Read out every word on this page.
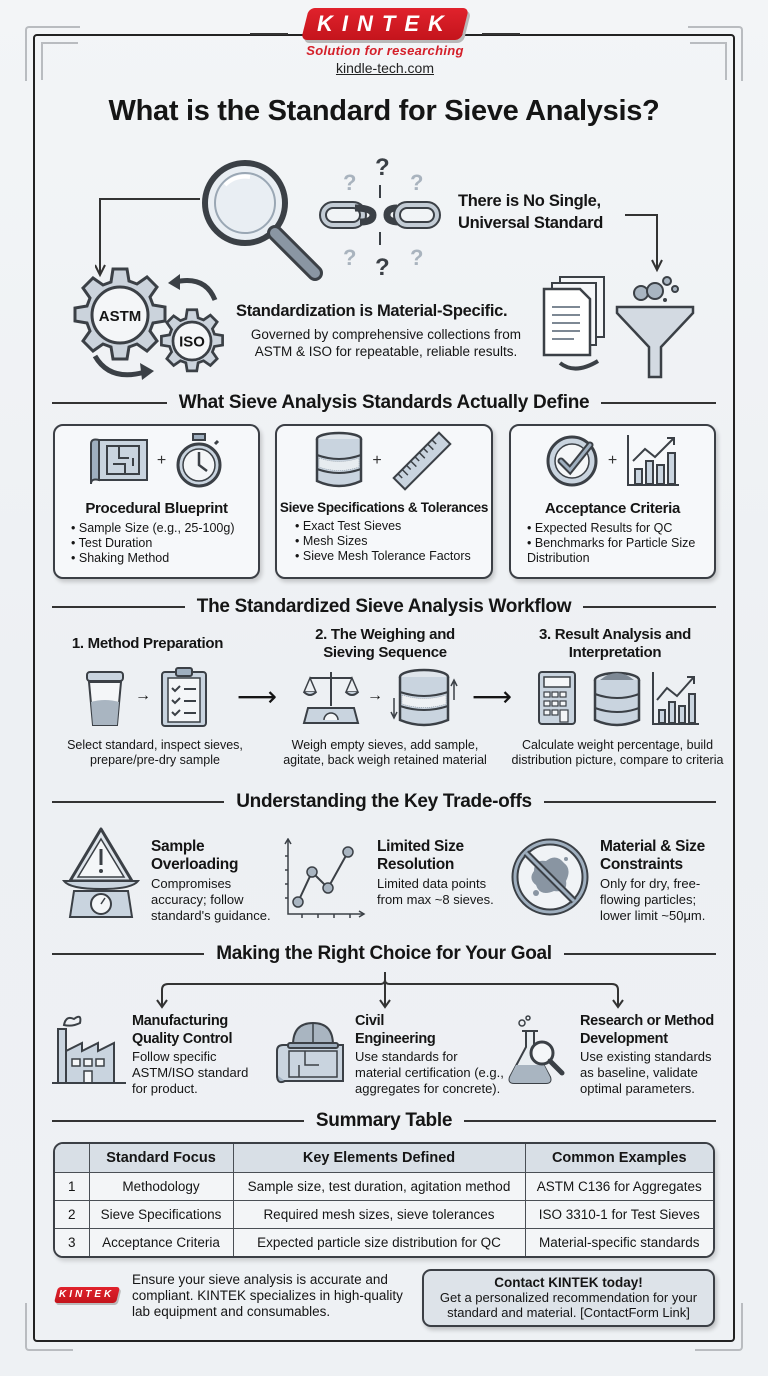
KINTEK
Solution for researching
kindle-tech.com
What is the Standard for Sieve Analysis?
?
?
?
? ? ?
There is No Single, Universal Standard
ASTM
ISO
Standardization is Material-Specific.
Governed by comprehensive collections from ASTM & ISO for repeatable, reliable results.
What Sieve Analysis Standards Actually Define
+
Procedural Blueprint
• Sample Size (e.g., 25-100g)
• Test Duration
• Shaking Method
+
Sieve Specifications & Tolerances
• Exact Test Sieves
• Mesh Sizes
• Sieve Mesh Tolerance Factors
+
Acceptance Criteria
• Expected Results for QC
• Benchmarks for Particle Size Distribution
The Standardized Sieve Analysis Workflow
1. Method Preparation
2. The Weighing and Sieving Sequence
3. Result Analysis and Interpretation
→	⟶	→	⟶
Select standard, inspect sieves, prepare/pre-dry sample
Weigh empty sieves, add sample, agitate, back weigh retained material
Calculate weight percentage, build distribution picture, compare to criteria
Understanding the Key Trade-offs
Sample Overloading
Compromises accuracy; follow standard's guidance.
Limited Size Resolution
Limited data points from max ~8 sieves.
Material & Size Constraints
Only for dry, free-flowing particles; lower limit ~50μm.
Making the Right Choice for Your Goal
Manufacturing Quality Control
Follow specific ASTM/ISO standard for product.
Civil Engineering
Use standards for material certification (e.g., aggregates for concrete).
Research or Method Development
Use existing standards as baseline, validate optimal parameters.
Summary Table
	Standard Focus	Key Elements Defined	Common Examples
1	Methodology	Sample size, test duration, agitation method	ASTM C136 for Aggregates
2	Sieve Specifications	Required mesh sizes, sieve tolerances	ISO 3310-1 for Test Sieves
3	Acceptance Criteria	Expected particle size distribution for QC	Material-specific standards
KINTEK
Ensure your sieve analysis is accurate and compliant. KINTEK specializes in high-quality lab equipment and consumables.
Contact KINTEK today!
Get a personalized recommendation for your standard and material. [ContactForm Link]
